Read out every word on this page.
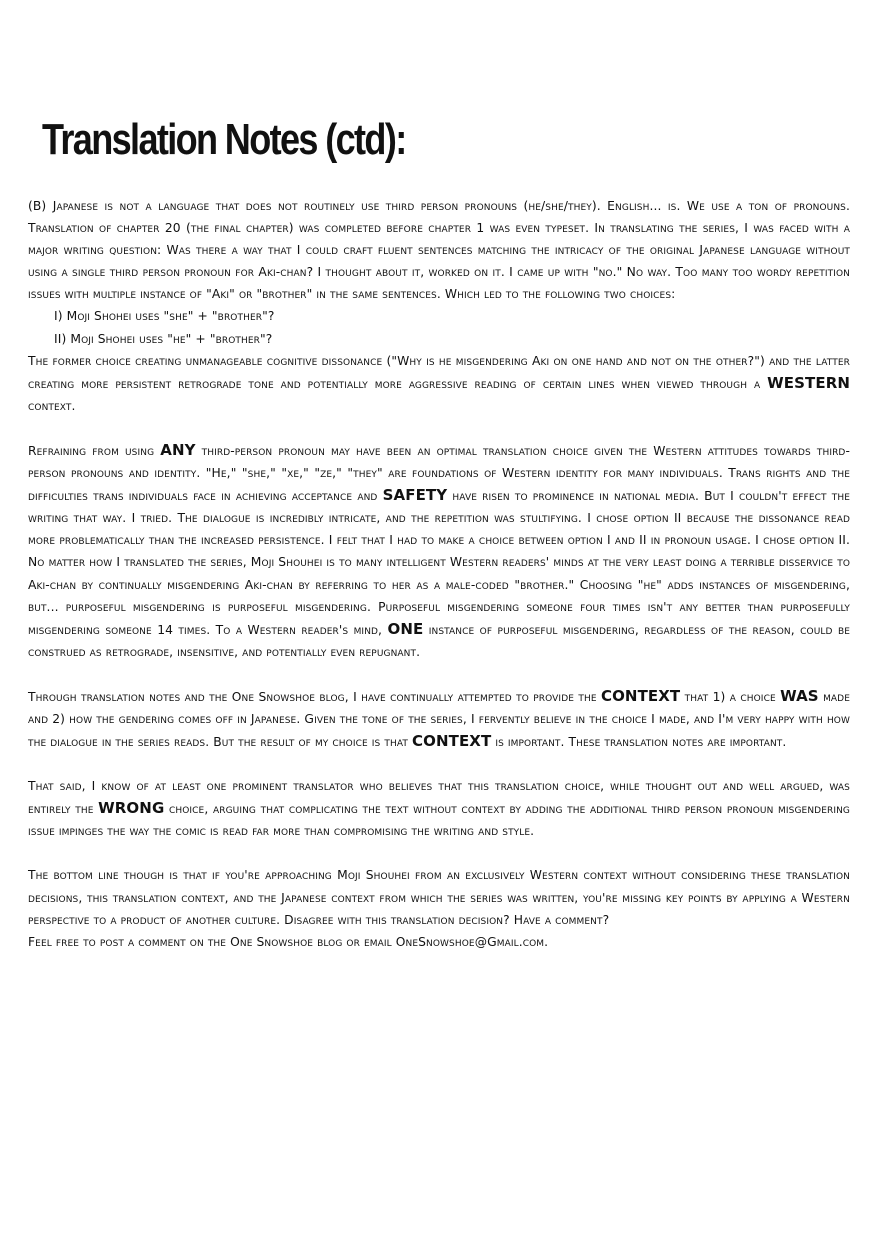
Translation Notes (ctd):

(B) Japanese is not a language that does not routinely use third person pronouns (he/she/they). English... is. We use a ton of pronouns. Translation of chapter 20 (the final chapter) was completed before chapter 1 was even typeset. In translating the series, I was faced with a major writing question: Was there a way that I could craft fluent sentences matching the intricacy of the original Japanese language without using a single third person pronoun for Aki-chan? I thought about it, worked on it. I came up with "no." No way. Too many too wordy repetition issues with multiple instance of "Aki" or "brother" in the same sentences. Which led to the following two choices:
I) Moji Shohei uses "she" + "brother"?
II) Moji Shohei uses "he" + "brother"?
The former choice creating unmanageable cognitive dissonance ("Why is he misgendering Aki on one hand and not on the other?") and the latter creating more persistent retrograde tone and potentially more aggressive reading of certain lines when viewed through a WESTERN context.

Refraining from using ANY third-person pronoun may have been an optimal translation choice given the Western attitudes towards third-person pronouns and identity. "He," "she," "xe," "ze," "they" are foundations of Western identity for many individuals. Trans rights and the difficulties trans individuals face in achieving acceptance and SAFETY have risen to prominence in national media. But I couldn't effect the writing that way. I tried. The dialogue is incredibly intricate, and the repetition was stultifying. I chose option II because the dissonance read more problematically than the increased persistence. I felt that I had to make a choice between option I and II in pronoun usage. I chose option II. No matter how I translated the series, Moji Shouhei is to many intelligent Western readers' minds at the very least doing a terrible disservice to Aki-chan by continually misgendering Aki-chan by referring to her as a male-coded "brother." Choosing "he" adds instances of misgendering, but... purposeful misgendering is purposeful misgendering. Purposeful misgendering someone four times isn't any better than purposefully misgendering someone 14 times. To a Western reader's mind, ONE instance of purposeful misgendering, regardless of the reason, could be construed as retrograde, insensitive, and potentially even repugnant.

Through translation notes and the One Snowshoe blog, I have continually attempted to provide the CONTEXT that 1) a choice WAS made and 2) how the gendering comes off in Japanese. Given the tone of the series, I fervently believe in the choice I made, and I'm very happy with how the dialogue in the series reads. But the result of my choice is that CONTEXT is important. These translation notes are important.

That said, I know of at least one prominent translator who believes that this translation choice, while thought out and well argued, was entirely the WRONG choice, arguing that complicating the text without context by adding the additional third person pronoun misgendering issue impinges the way the comic is read far more than compromising the writing and style.

The bottom line though is that if you're approaching Moji Shouhei from an exclusively Western context without considering these translation decisions, this translation context, and the Japanese context from which the series was written, you're missing key points by applying a Western perspective to a product of another culture. Disagree with this translation decision? Have a comment?
Feel free to post a comment on the One Snowshoe blog or email OneSnowshoe@Gmail.com.
